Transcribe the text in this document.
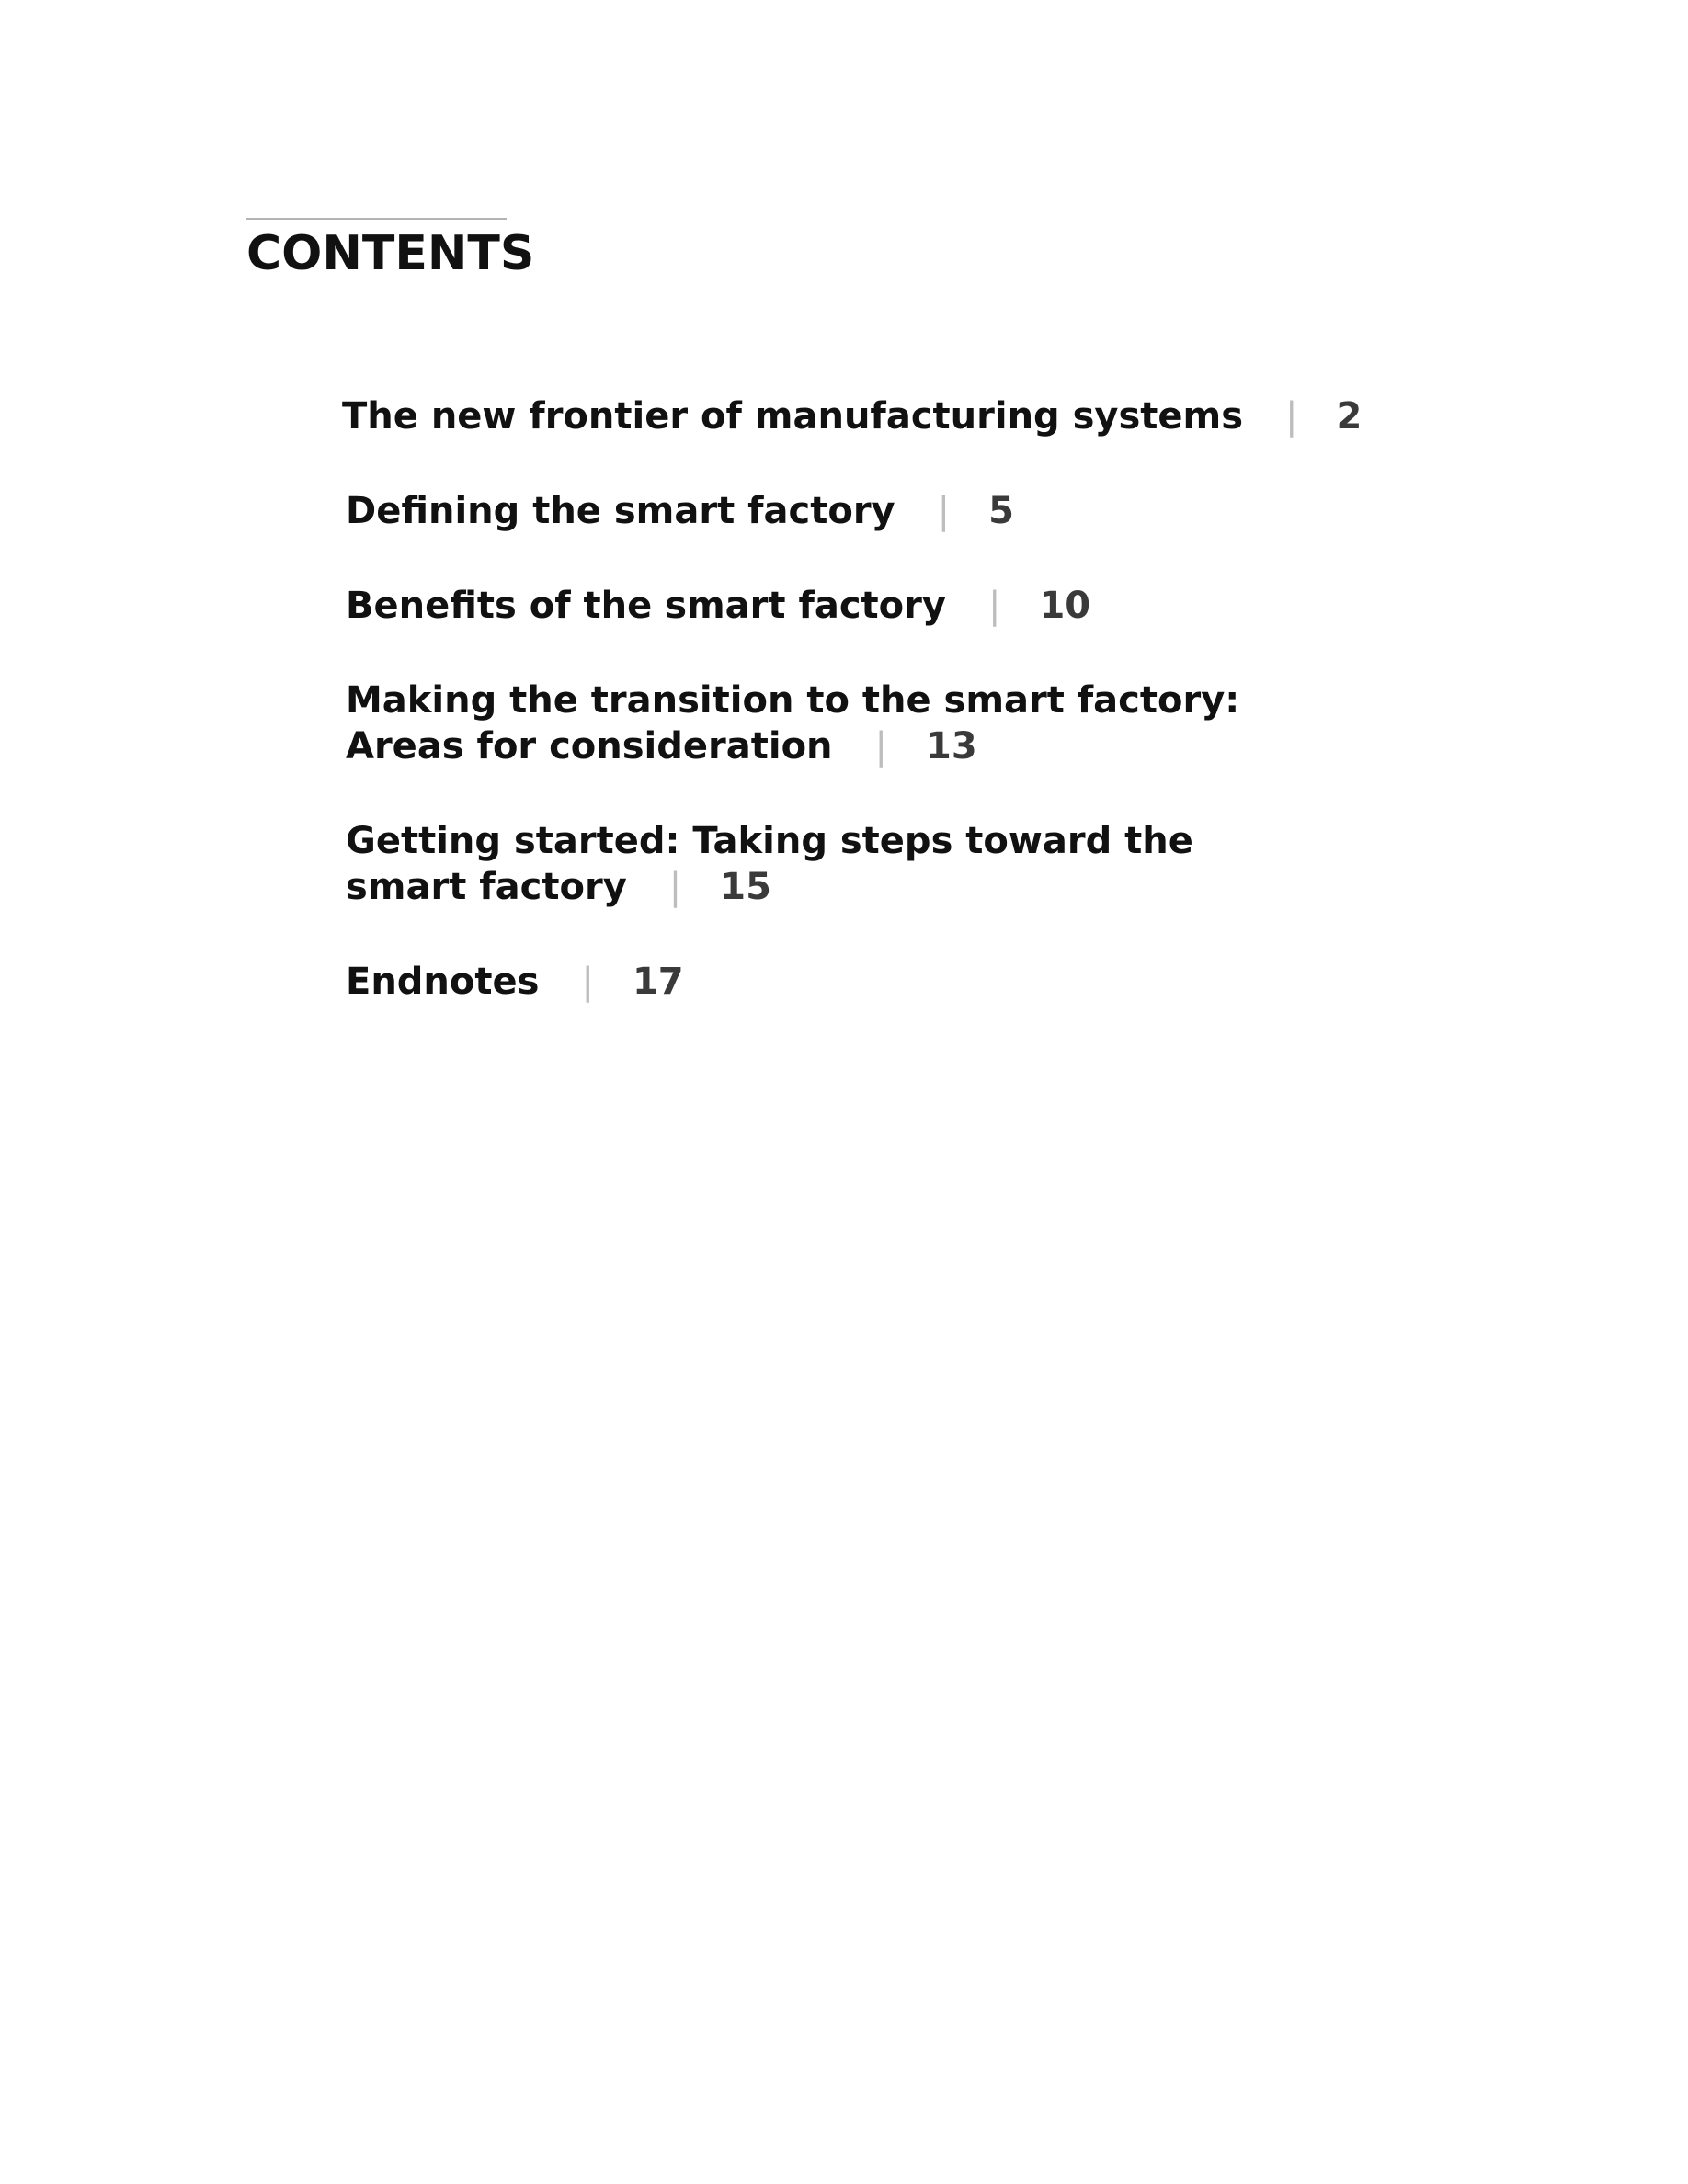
CONTENTS
The new frontier of manufacturing systems | 2
Defining the smart factory | 5
Benefits of the smart factory | 10
Making the transition to the smart factory:
Areas for consideration | 13
Getting started: Taking steps toward the
smart factory | 15
Endnotes | 17
